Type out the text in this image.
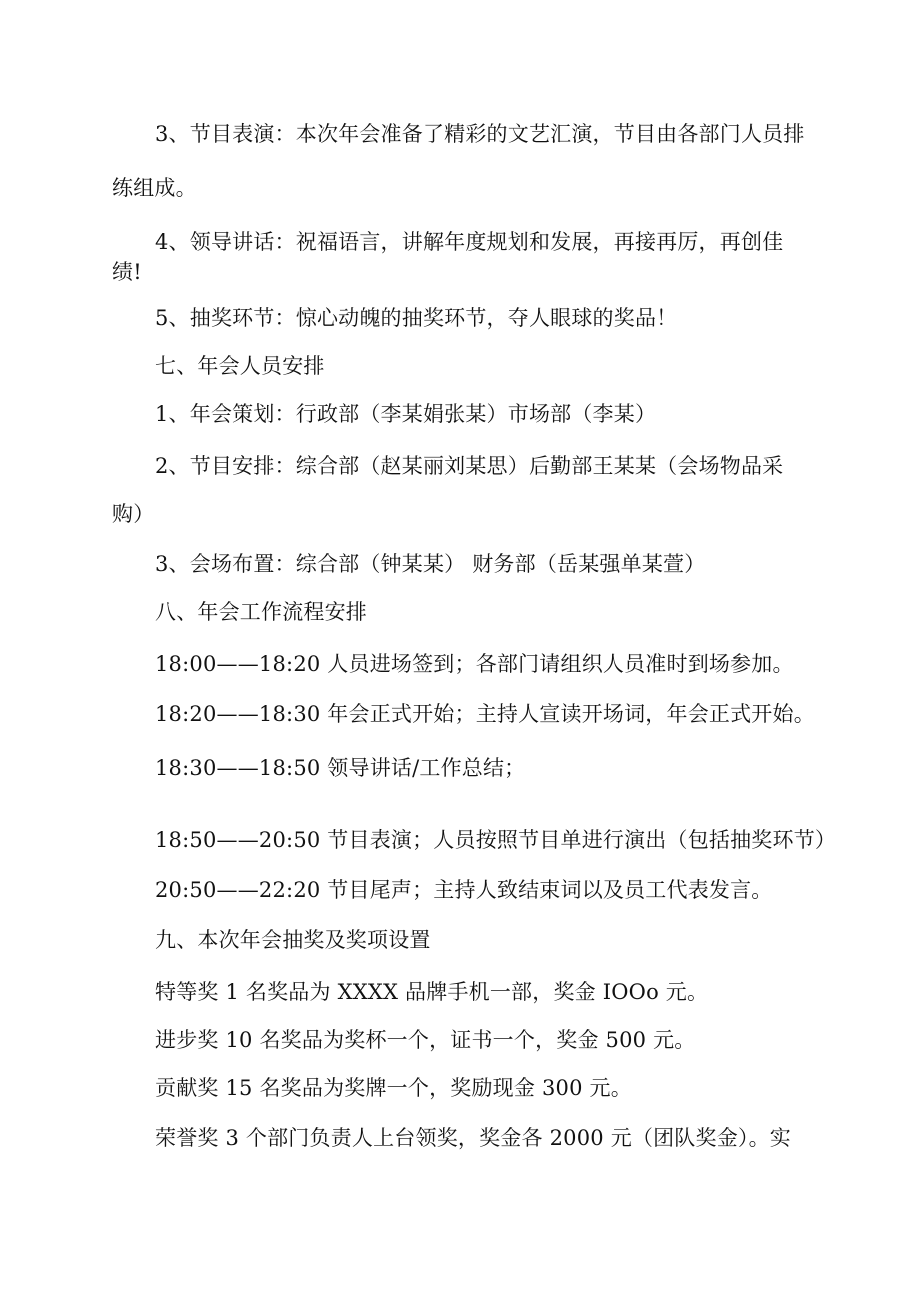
3、节目表演：本次年会准备了精彩的文艺汇演，节目由各部门人员排
练组成。
4、领导讲话：祝福语言，讲解年度规划和发展，再接再厉，再创佳
绩!
5、抽奖环节：惊心动魄的抽奖环节，夺人眼球的奖品！
七、年会人员安排
1、年会策划：行政部（李某娟张某）市场部（李某）
2、节目安排：综合部（赵某丽刘某思）后勤部王某某（会场物品采
购）
3、会场布置：综合部（钟某某） 财务部（岳某强单某萱）
八、年会工作流程安排
18:00——18:20 人员进场签到；各部门请组织人员准时到场参加。
18:20——18:30 年会正式开始；主持人宣读开场词，年会正式开始。
18:30——18:50 领导讲话/工作总结；
18:50——20:50 节目表演；人员按照节目单进行演出（包括抽奖环节）
20:50——22:20 节目尾声；主持人致结束词以及员工代表发言。
九、本次年会抽奖及奖项设置
特等奖 1 名奖品为 XXXX 品牌手机一部，奖金 IOOo 元。
进步奖 10 名奖品为奖杯一个，证书一个，奖金 500 元。
贡献奖 15 名奖品为奖牌一个，奖励现金 300 元。
荣誉奖 3 个部门负责人上台领奖，奖金各 2000 元（团队奖金）。实
